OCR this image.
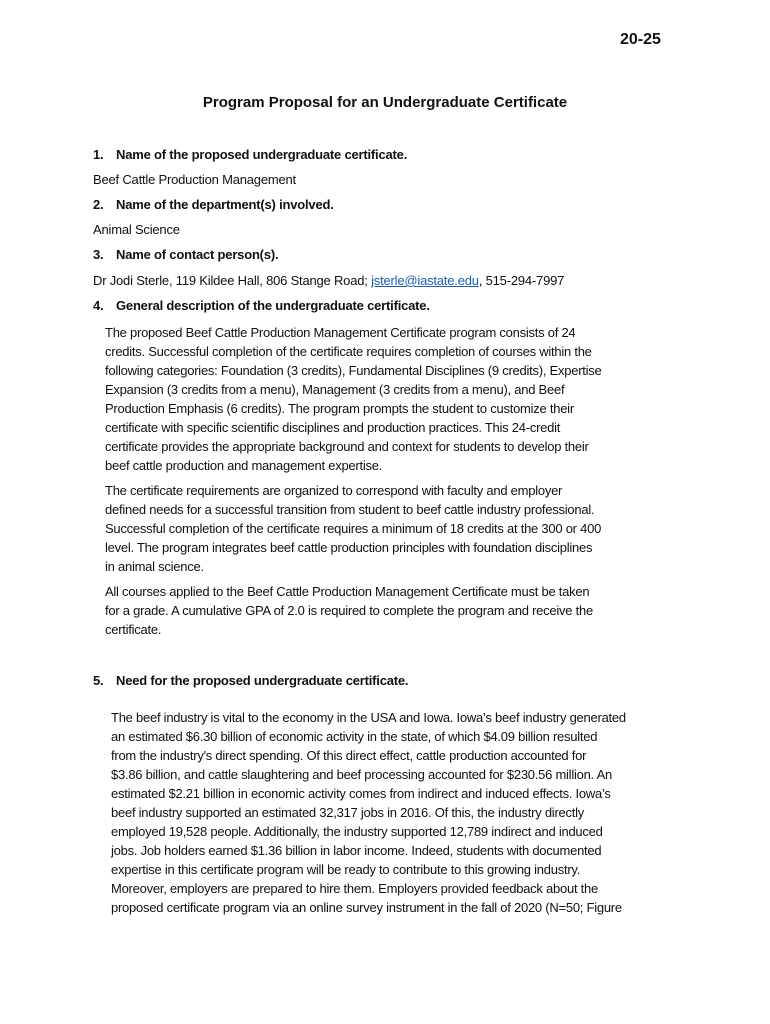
20-25
Program Proposal for an Undergraduate Certificate
1. Name of the proposed undergraduate certificate.
Beef Cattle Production Management
2. Name of the department(s) involved.
Animal Science
3. Name of contact person(s).
Dr Jodi Sterle, 119 Kildee Hall, 806 Stange Road; jsterle@iastate.edu, 515-294-7997
4. General description of the undergraduate certificate.
The proposed Beef Cattle Production Management Certificate program consists of 24
credits. Successful completion of the certificate requires completion of courses within the
following categories: Foundation (3 credits), Fundamental Disciplines (9 credits), Expertise
Expansion (3 credits from a menu), Management (3 credits from a menu), and Beef
Production Emphasis (6 credits). The program prompts the student to customize their
certificate with specific scientific disciplines and production practices. This 24-credit
certificate provides the appropriate background and context for students to develop their
beef cattle production and management expertise.
The certificate requirements are organized to correspond with faculty and employer
defined needs for a successful transition from student to beef cattle industry professional.
Successful completion of the certificate requires a minimum of 18 credits at the 300 or 400
level. The program integrates beef cattle production principles with foundation disciplines
in animal science.
All courses applied to the Beef Cattle Production Management Certificate must be taken
for a grade. A cumulative GPA of 2.0 is required to complete the program and receive the
certificate.
5. Need for the proposed undergraduate certificate.
The beef industry is vital to the economy in the USA and Iowa. Iowa’s beef industry generated
an estimated $6.30 billion of economic activity in the state, of which $4.09 billion resulted
from the industry's direct spending. Of this direct effect, cattle production accounted for
$3.86 billion, and cattle slaughtering and beef processing accounted for $230.56 million. An
estimated $2.21 billion in economic activity comes from indirect and induced effects. Iowa’s
beef industry supported an estimated 32,317 jobs in 2016. Of this, the industry directly
employed 19,528 people. Additionally, the industry supported 12,789 indirect and induced
jobs. Job holders earned $1.36 billion in labor income. Indeed, students with documented
expertise in this certificate program will be ready to contribute to this growing industry.
Moreover, employers are prepared to hire them. Employers provided feedback about the
proposed certificate program via an online survey instrument in the fall of 2020 (N=50; Figure
